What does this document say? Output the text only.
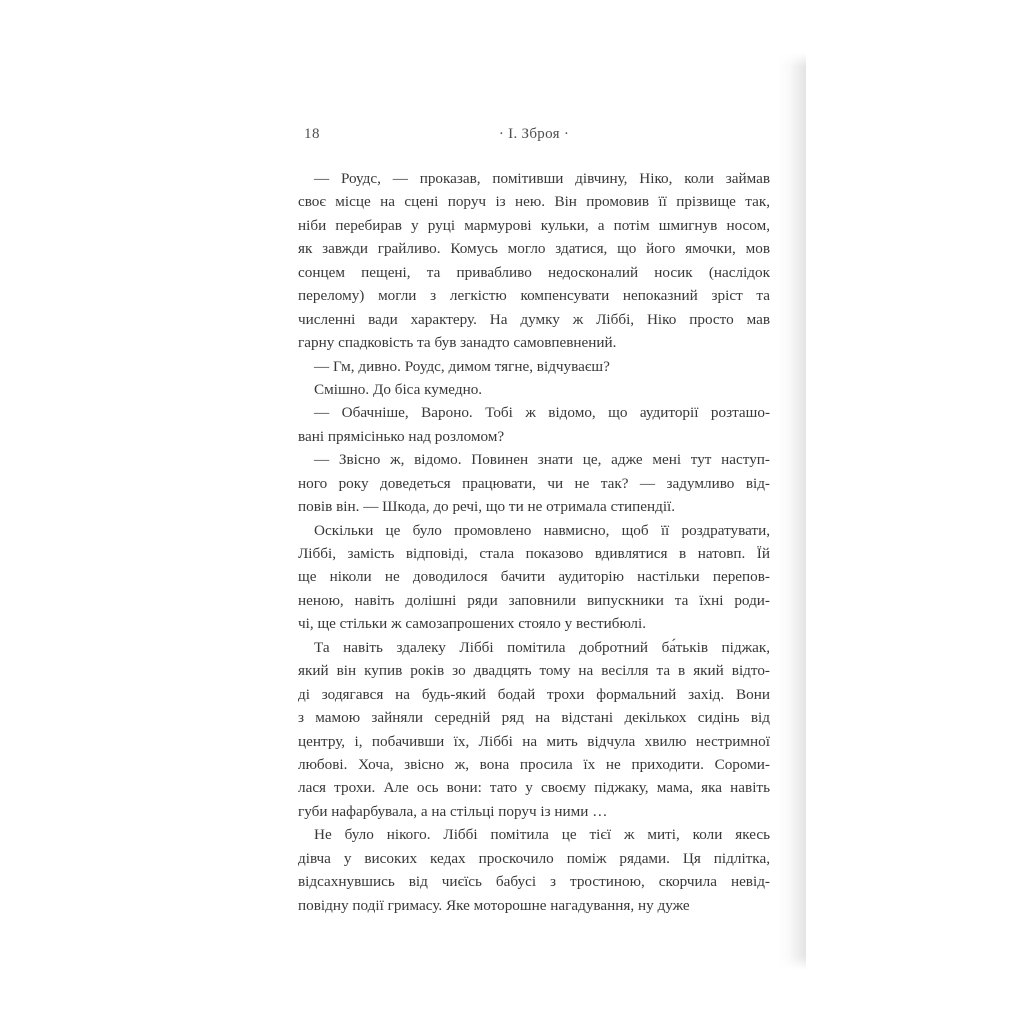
18	· І. Зброя ·
— Роудс, — проказав, помітивши дівчину, Ніко, коли займав
своє місце на сцені поруч із нею. Він промовив її прізвище так,
ніби перебирав у руці мармурові кульки, а потім шмигнув носом,
як завжди грайливо. Комусь могло здатися, що його ямочки, мов
сонцем пещені, та привабливо недосконалий носик (наслідок
перелому) могли з легкістю компенсувати непоказний зріст та
численні вади характеру. На думку ж Ліббі, Ніко просто мав
гарну спадковість та був занадто самовпевнений.
— Гм, дивно. Роудс, димом тягне, відчуваєш?
Смішно. До біса кумедно.
— Обачніше, Вароно. Тобі ж відомо, що аудиторії розташо-
вані прямісінько над розломом?
— Звісно ж, відомо. Повинен знати це, адже мені тут наступ-
ного року доведеться працювати, чи не так? — задумливо від-
повів він. — Шкода, до речі, що ти не отримала стипендії.
Оскільки це було промовлено навмисно, щоб її роздратувати,
Ліббі, замість відповіді, стала показово вдивлятися в натовп. Їй
ще ніколи не доводилося бачити аудиторію настільки перепов-
неною, навіть долішні ряди заповнили випускники та їхні роди-
чі, ще стільки ж самозапрошених стояло у вестибюлі.
Та навіть здалеку Ліббі помітила добротний ба́тьків піджак,
який він купив років зо двадцять тому на весілля та в який відто-
ді зодягався на будь-який бодай трохи формальний захід. Вони
з мамою зайняли середній ряд на відстані декількох сидінь від
центру, і, побачивши їх, Ліббі на мить відчула хвилю нестримної
любові. Хоча, звісно ж, вона просила їх не приходити. Сороми-
лася трохи. Але ось вони: тато у своєму піджаку, мама, яка навіть
губи нафарбувала, а на стільці поруч із ними …
Не було нікого. Ліббі помітила це тієї ж миті, коли якесь
дівча у високих кедах проскочило поміж рядами. Ця підлітка,
відсахнувшись від чиєїсь бабусі з тростиною, скорчила невід-
повідну події гримасу. Яке моторошне нагадування, ну дуже
